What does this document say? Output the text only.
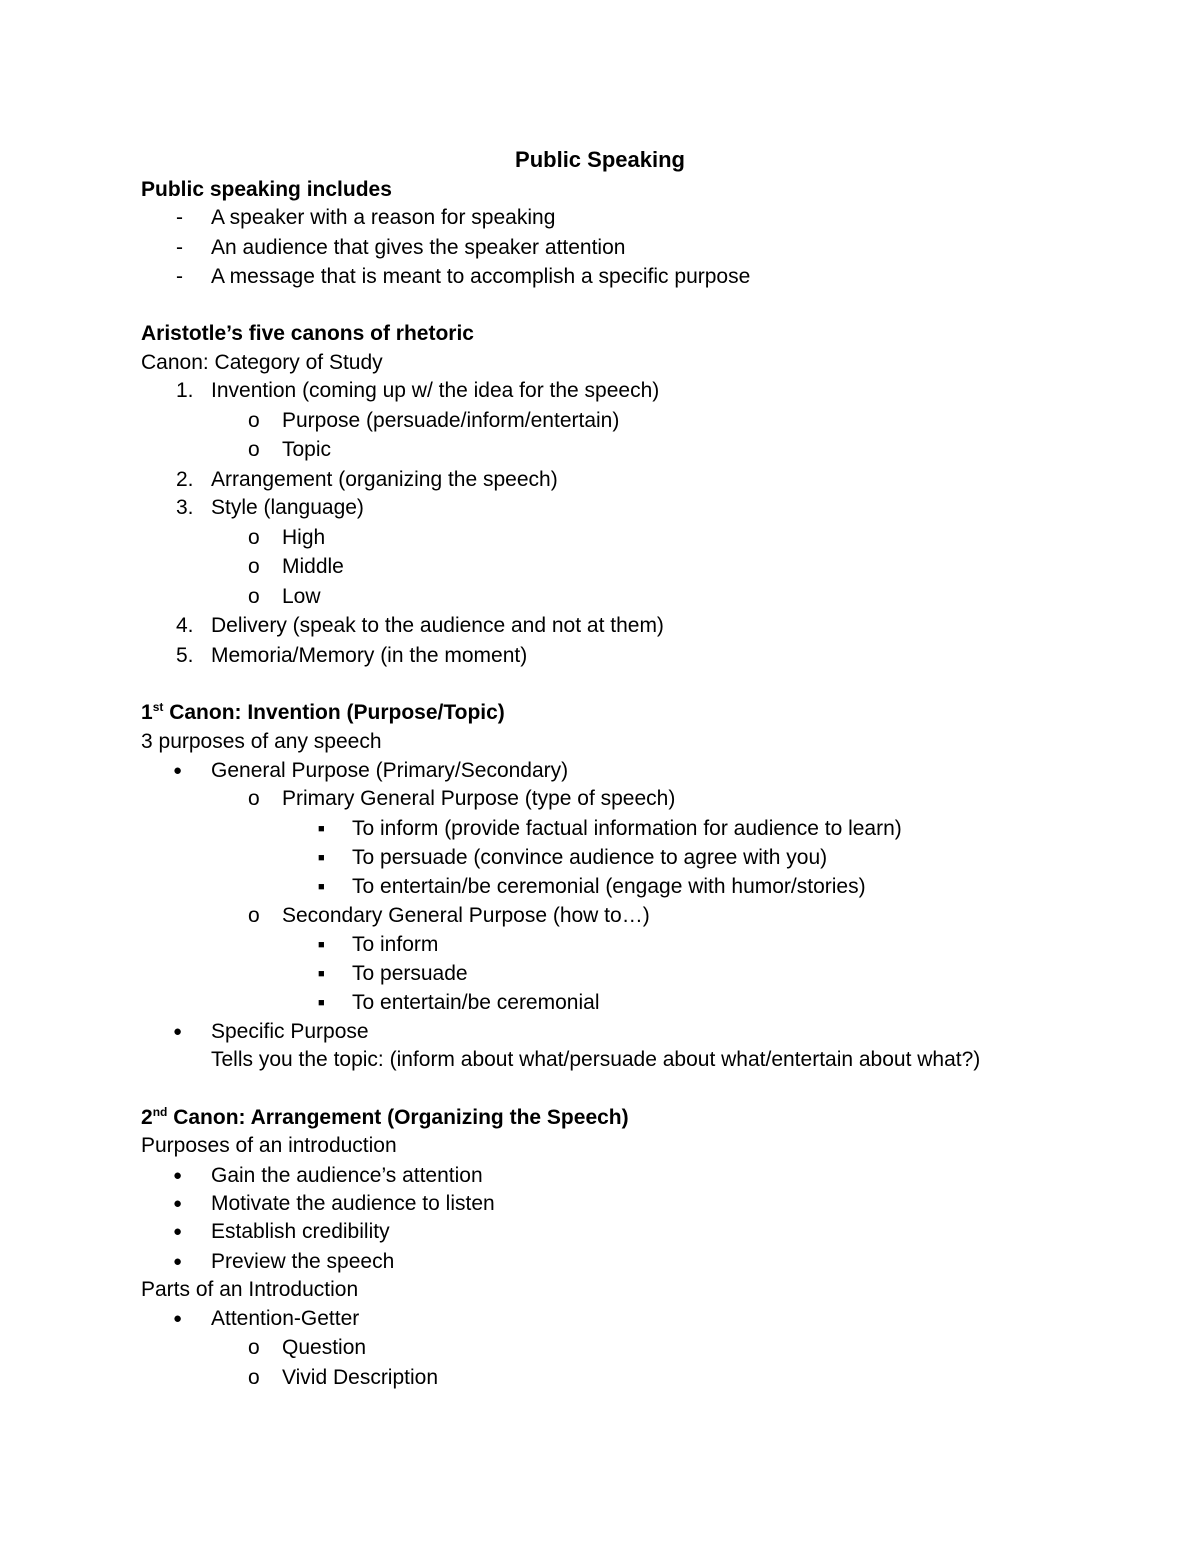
Public Speaking
Public speaking includes
- A speaker with a reason for speaking
- An audience that gives the speaker attention
- A message that is meant to accomplish a specific purpose
Aristotle’s five canons of rhetoric
Canon: Category of Study
1. Invention (coming up w/ the idea for the speech)
o Purpose (persuade/inform/entertain)
o Topic
2. Arrangement (organizing the speech)
3. Style (language)
o High
o Middle
o Low
4. Delivery (speak to the audience and not at them)
5. Memoria/Memory (in the moment)
1st Canon: Invention (Purpose/Topic)
3 purposes of any speech
● General Purpose (Primary/Secondary)
o Primary General Purpose (type of speech)
■ To inform (provide factual information for audience to learn)
■ To persuade (convince audience to agree with you)
■ To entertain/be ceremonial (engage with humor/stories)
o Secondary General Purpose (how to…)
■ To inform
■ To persuade
■ To entertain/be ceremonial
● Specific Purpose
Tells you the topic: (inform about what/persuade about what/entertain about what?)
2nd Canon: Arrangement (Organizing the Speech)
Purposes of an introduction
● Gain the audience’s attention
● Motivate the audience to listen
● Establish credibility
● Preview the speech
Parts of an Introduction
● Attention-Getter
o Question
o Vivid Description
